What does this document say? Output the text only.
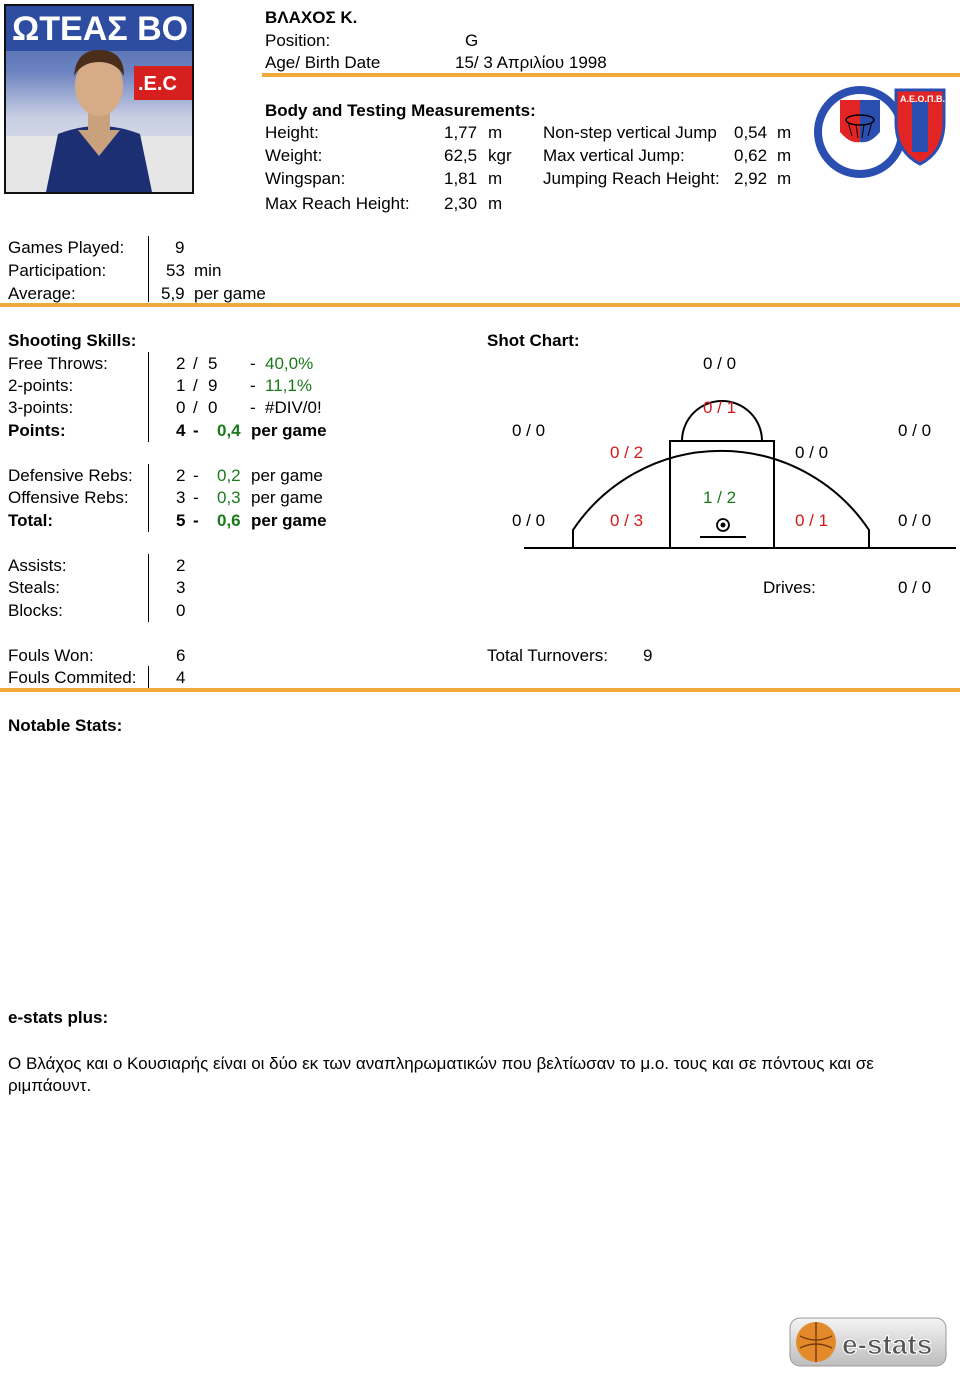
ΩΤΕΑΣ ΒΟ
.E.C
ΒΛΑΧΟΣ Κ.
Position:	G
Age/ Birth Date	15/ 3 Απριλίου 1998
Body and Testing Measurements:
Height:	1,77 m
Weight:	62,5 kgr
Wingspan:	1,81 m
Max Reach Height: 2,30 m
Non-step vertical Jump 0,54 m
Max vertical Jump:	0,62 m
Jumping Reach Height: 2,92 m
Α.Ε.Ο.Π.Β.
Games Played:	9
Participation:	53 min
Average:	5,9 per game
Shooting Skills:
Free Throws:	2 / 5 - 40,0%
2-points:	1 / 9 - 11,1%
3-points:	0 / 0 - #DIV/0!
Points:	4 - 0,4 per game
Defensive Rebs:	2 - 0,2 per game
Offensive Rebs:	3 - 0,3 per game
Total:	5 - 0,6 per game
Shot Chart:
0 / 0
0 / 1
0 / 0	0 / 0
0 / 2	0 / 0
1 / 2
0 / 0	0 / 3	0 / 1	0 / 0
Assists:	2
Steals:	3
Blocks:	0
Drives:	0 / 0
Fouls Won:	6
Fouls Commited: 4
Total Turnovers: 9
Notable Stats:
e-stats plus:
Ο Βλάχος και ο Κουσιαρής είναι οι δύο εκ των αναπληρωματικών που βελτίωσαν το μ.ο. τους και σε πόντους και σε ριμπάουντ.
e-stats
